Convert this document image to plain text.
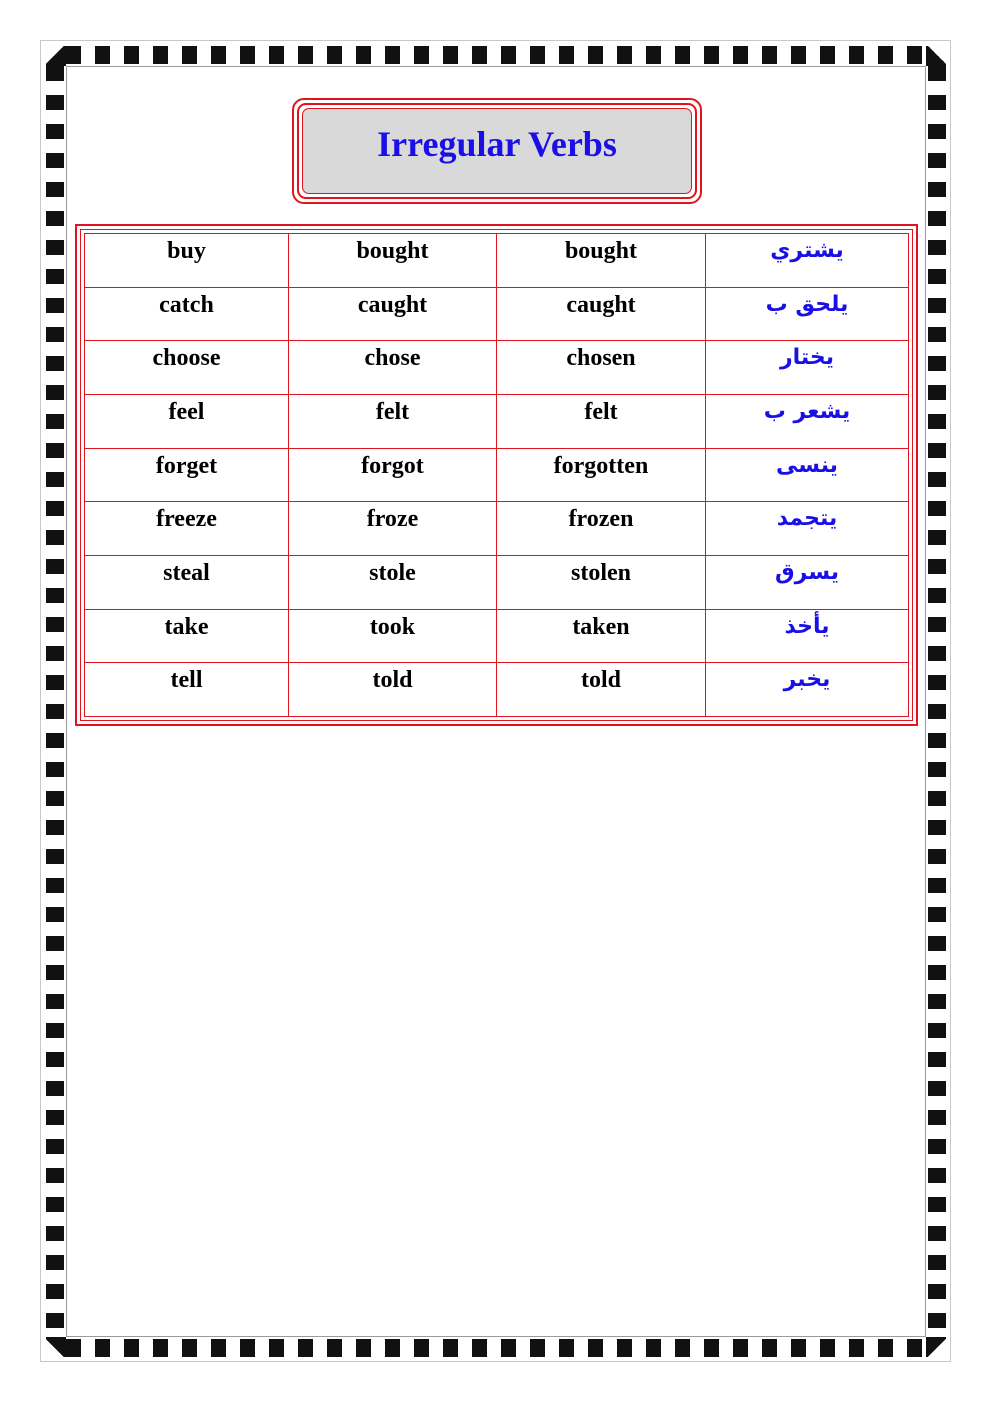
Irregular Verbs
buy	bought	bought	يشتري
catch	caught	caught	يلحق ب
choose	chose	chosen	يختار
feel	felt	felt	يشعر ب
forget	forgot	forgotten	ينسى
freeze	froze	frozen	يتجمد
steal	stole	stolen	يسرق
take	took	taken	يأخذ
tell	told	told	يخبر
